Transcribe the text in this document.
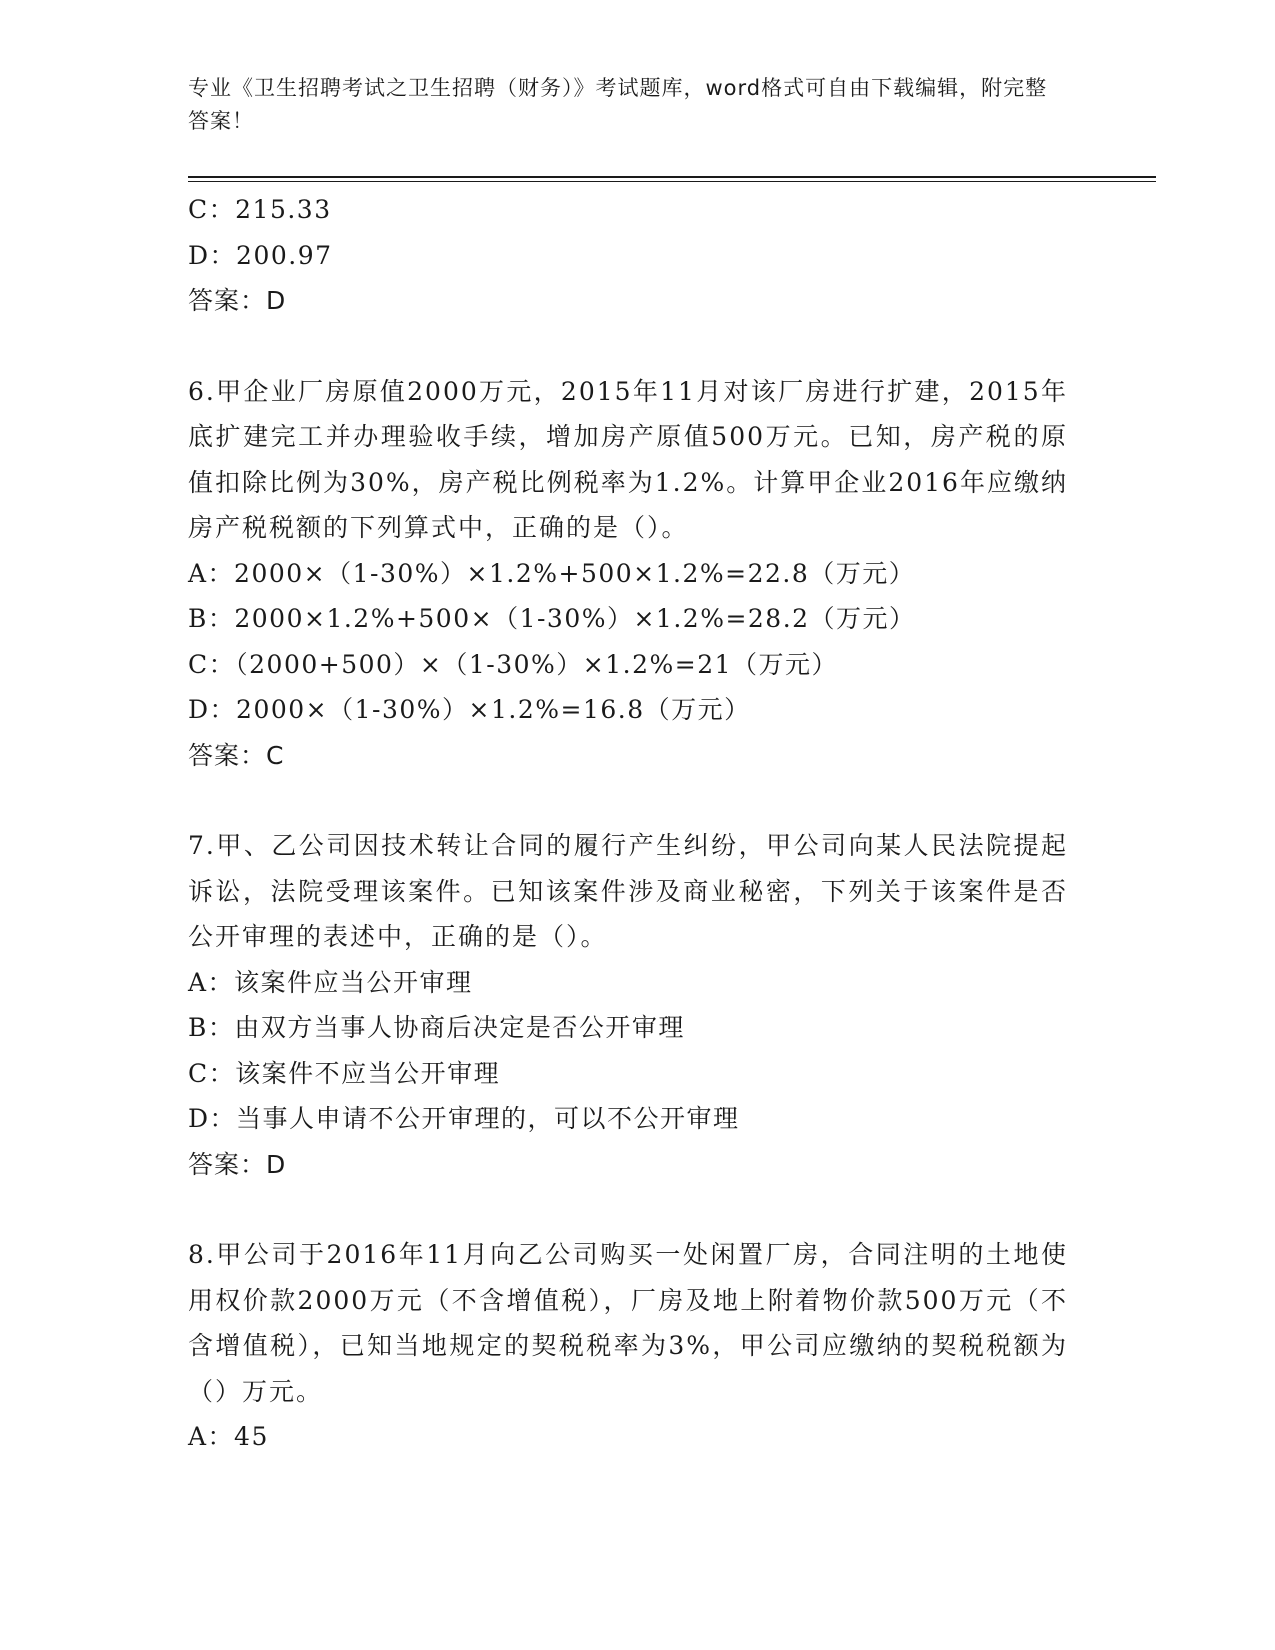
专业《卫生招聘考试之卫生招聘（财务）》考试题库，word格式可自由下载编辑，附完整答案！
C：215.33
D：200.97
答案：D
6.甲企业厂房原值2000万元，2015年11月对该厂房进行扩建，2015年底扩建完工并办理验收手续，增加房产原值500万元。已知，房产税的原值扣除比例为30%，房产税比例税率为1.2%。计算甲企业2016年应缴纳房产税税额的下列算式中，正确的是（）。
A：2000×（1-30%）×1.2%+500×1.2%=22.8（万元）
B：2000×1.2%+500×（1-30%）×1.2%=28.2（万元）
C：（2000+500）×（1-30%）×1.2%=21（万元）
D：2000×（1-30%）×1.2%=16.8（万元）
答案：C
7.甲、乙公司因技术转让合同的履行产生纠纷，甲公司向某人民法院提起诉讼，法院受理该案件。已知该案件涉及商业秘密，下列关于该案件是否公开审理的表述中，正确的是（）。
A：该案件应当公开审理
B：由双方当事人协商后决定是否公开审理
C：该案件不应当公开审理
D：当事人申请不公开审理的，可以不公开审理
答案：D
8.甲公司于2016年11月向乙公司购买一处闲置厂房，合同注明的土地使用权价款2000万元（不含增值税），厂房及地上附着物价款500万元（不含增值税），已知当地规定的契税税率为3%，甲公司应缴纳的契税税额为（）万元。
A：45
